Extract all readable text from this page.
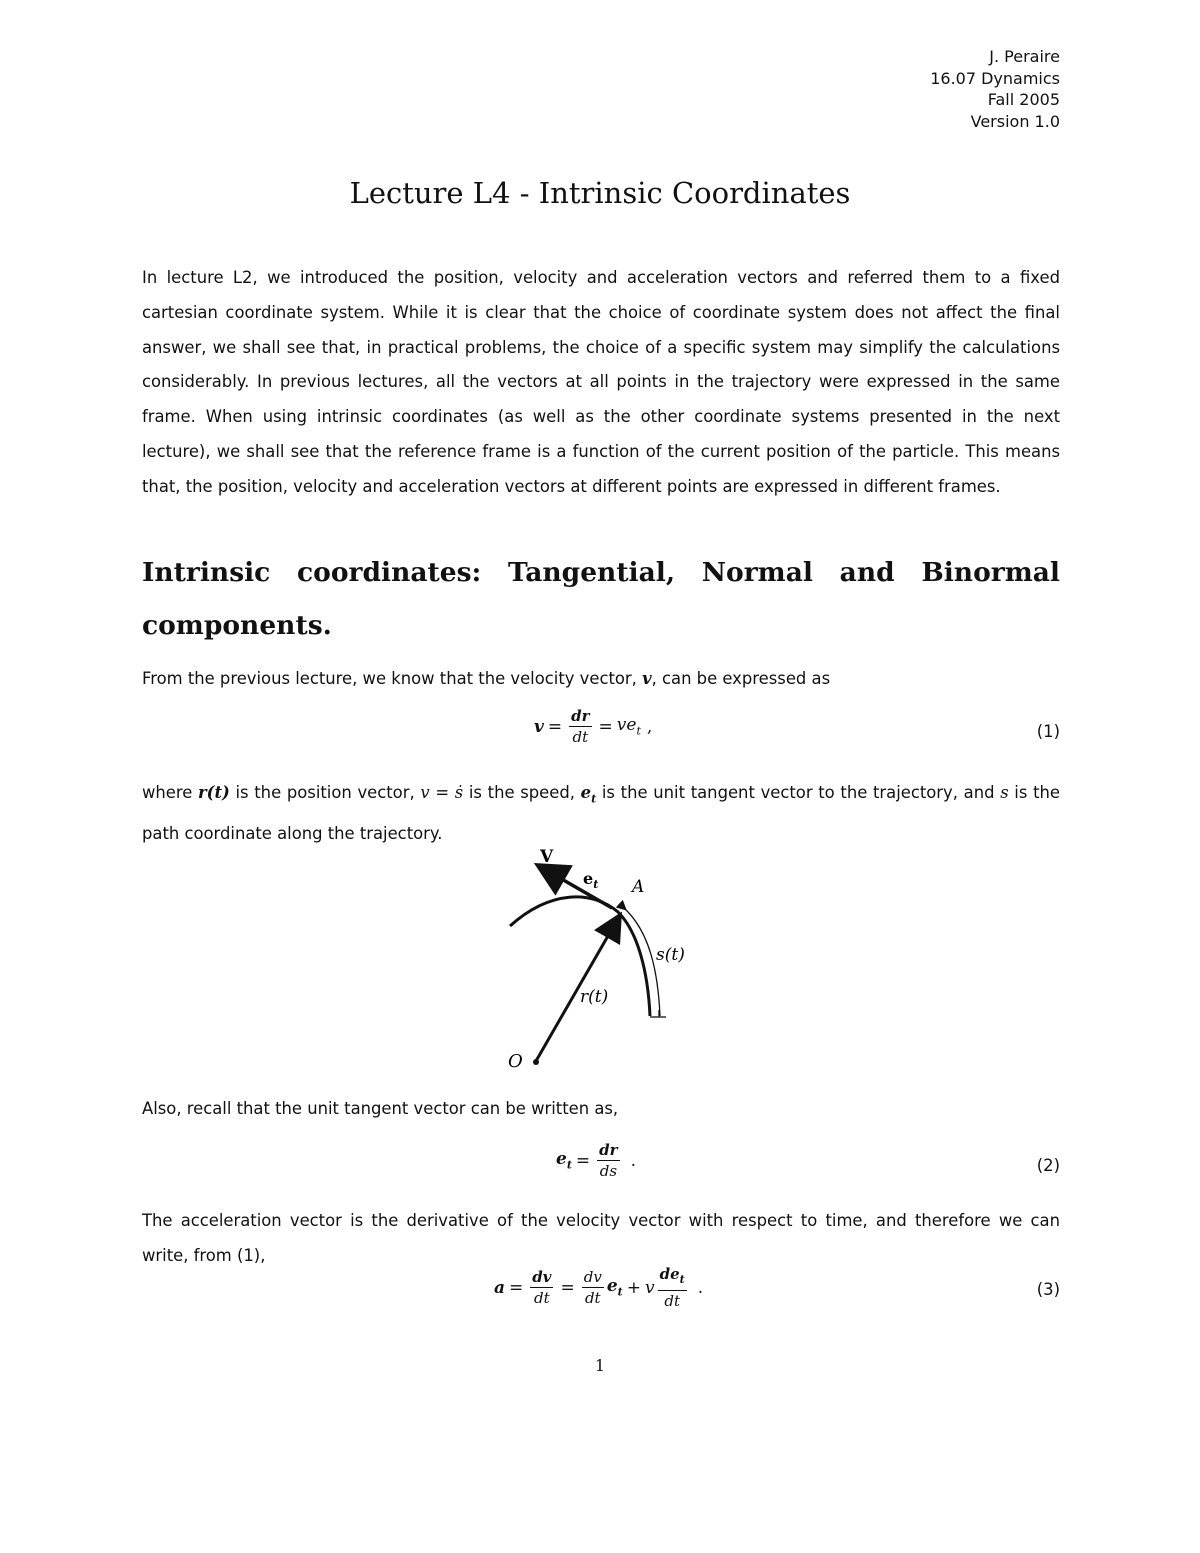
J. Peraire
16.07 Dynamics
Fall 2005
Version 1.0
Lecture L4 - Intrinsic Coordinates

In lecture L2, we introduced the position, velocity and acceleration vectors and referred them to a fixed cartesian coordinate system. While it is clear that the choice of coordinate system does not affect the final answer, we shall see that, in practical problems, the choice of a specific system may simplify the calculations considerably. In previous lectures, all the vectors at all points in the trajectory were expressed in the same frame. When using intrinsic coordinates (as well as the other coordinate systems presented in the next lecture), we shall see that the reference frame is a function of the current position of the particle. This means that, the position, velocity and acceleration vectors at different points are expressed in different frames.

Intrinsic coordinates: Tangential, Normal and Binormal components.

From the previous lecture, we know that the velocity vector, v, can be expressed as

$v = \frac{dr}{dt} = ve_t$ ,	(1)

where r(t) is the position vector, v = ṡ is the speed, $e_t$ is the unit tangent vector to the trajectory, and s is the path coordinate along the trajectory.

V
$e_t$ A
s(t)
r(t)
O

Also, recall that the unit tangent vector can be written as,

$e_t = \frac{dr}{ds}$ .	(2)

The acceleration vector is the derivative of the velocity vector with respect to time, and therefore we can write, from (1),

$a = \frac{dv}{dt} = \frac{dv}{dt} e_t + v \frac{de_t}{dt}$ .	(3)
1
